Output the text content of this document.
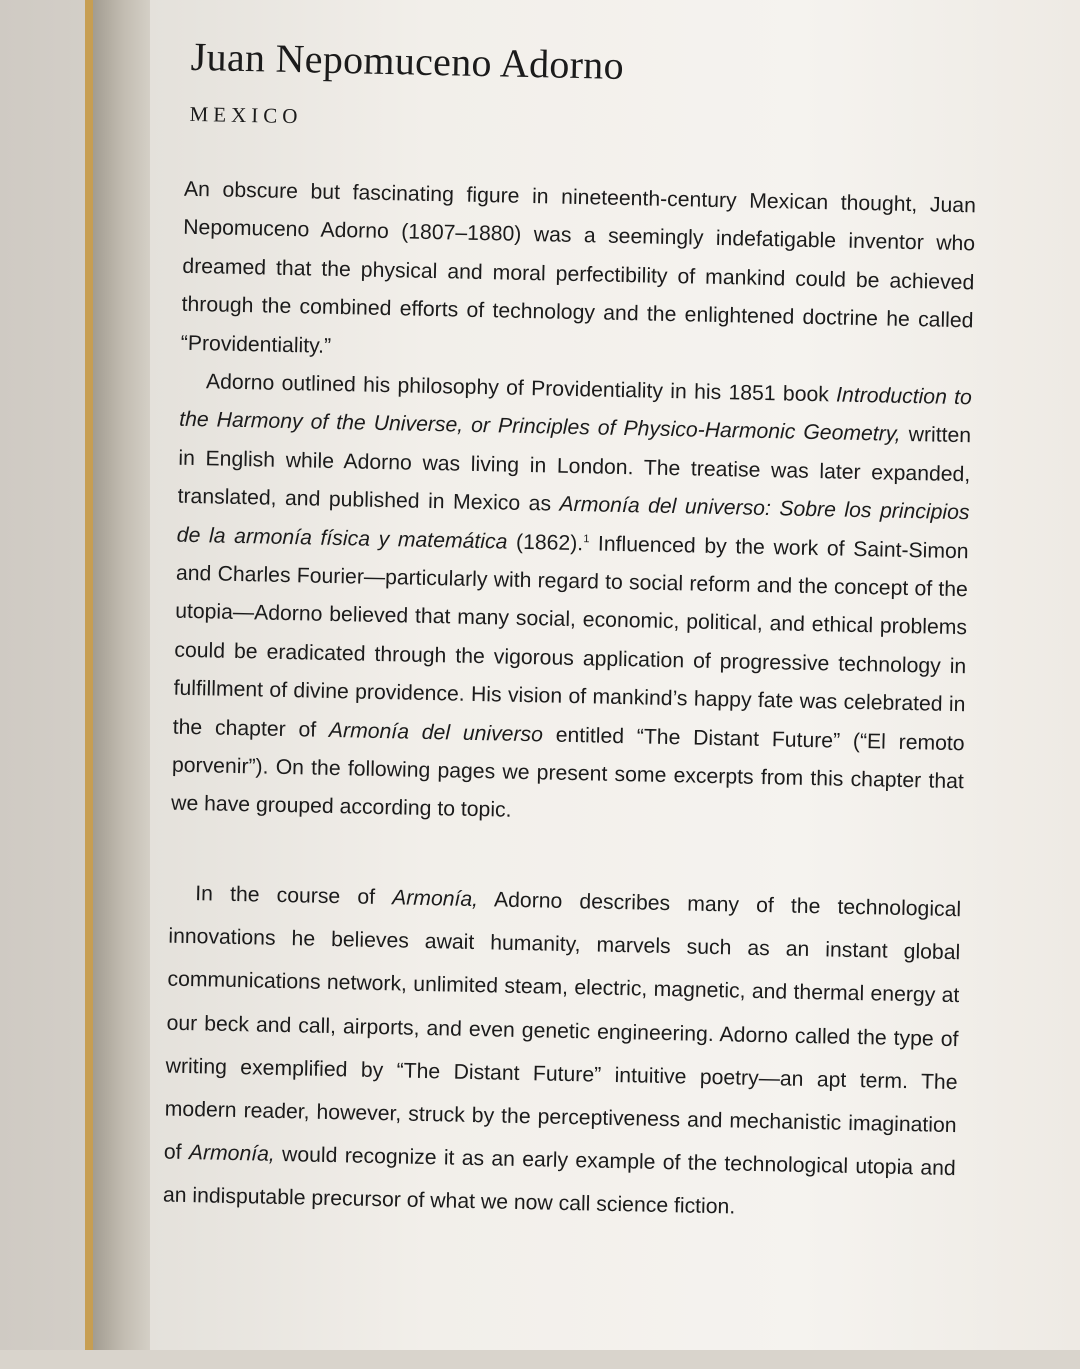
Juan Nepomuceno Adorno

MEXICO

An obscure but fascinating figure in nineteenth-century Mexican thought, Juan Nepomuceno Adorno (1807–1880) was a seemingly indefatigable inventor who dreamed that the physical and moral perfectibility of mankind could be achieved through the combined efforts of technology and the enlightened doctrine he called “Providentiality.”

Adorno outlined his philosophy of Providentiality in his 1851 book Introduction to the Harmony of the Universe, or Principles of Physico-Harmonic Geometry, written in English while Adorno was living in London. The treatise was later expanded, translated, and published in Mexico as Armonía del universo: Sobre los principios de la armonía física y matemática (1862).$^1$ Influenced by the work of Saint-Simon and Charles Fourier—particularly with regard to social reform and the concept of the utopia—Adorno believed that many social, economic, political, and ethical problems could be eradicated through the vigorous application of progressive technology in fulfillment of divine providence. His vision of mankind’s happy fate was celebrated in the chapter of Armonía del universo entitled “The Distant Future” (“El remoto porvenir”). On the following pages we present some excerpts from this chapter that we have grouped according to topic.

In the course of Armonía, Adorno describes many of the technological innovations he believes await humanity, marvels such as an instant global communications network, unlimited steam, electric, magnetic, and thermal energy at our beck and call, airports, and even genetic engineering. Adorno called the type of writing exemplified by “The Distant Future” intuitive poetry—an apt term. The modern reader, however, struck by the perceptiveness and mechanistic imagination of Armonía, would recognize it as an early example of the technological utopia and an indisputable precursor of what we now call science fiction.
